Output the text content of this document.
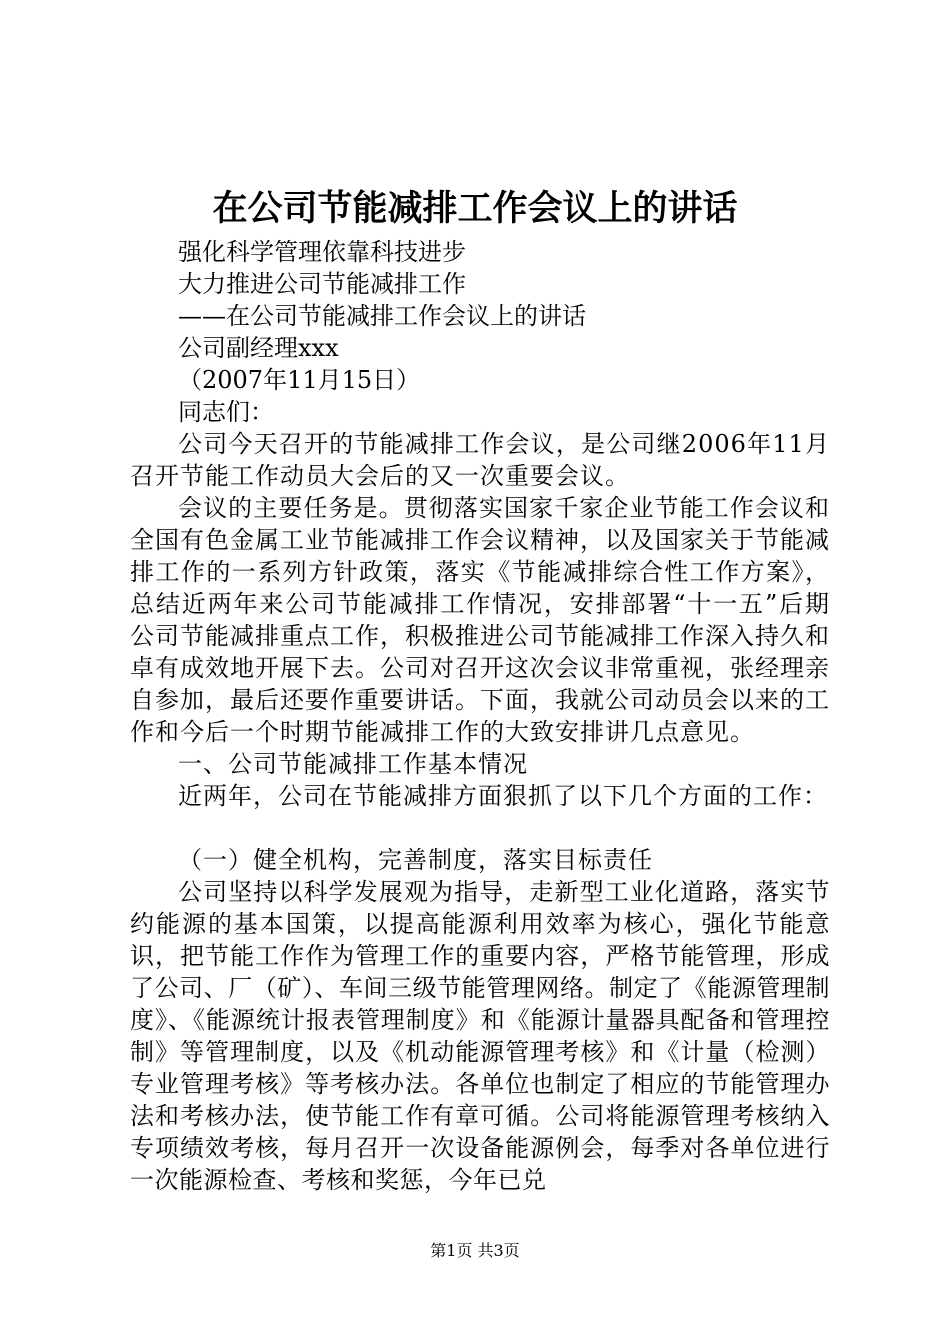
在公司节能减排工作会议上的讲话
强化科学管理依靠科技进步
大力推进公司节能减排工作
——在公司节能减排工作会议上的讲话
公司副经理xxx
（2007年11月15日）
同志们：

公司今天召开的节能减排工作会议，是公司继2006年11月召开节能工作动员大会后的又一次重要会议。

会议的主要任务是。贯彻落实国家千家企业节能工作会议和全国有色金属工业节能减排工作会议精神，以及国家关于节能减排工作的一系列方针政策，落实《节能减排综合性工作方案》，总结近两年来公司节能减排工作情况，安排部署“十一五”后期公司节能减排重点工作，积极推进公司节能减排工作深入持久和卓有成效地开展下去。公司对召开这次会议非常重视，张经理亲自参加，最后还要作重要讲话。下面，我就公司动员会以来的工作和今后一个时期节能减排工作的大致安排讲几点意见。

一、公司节能减排工作基本情况

近两年，公司在节能减排方面狠抓了以下几个方面的工作：

（一）健全机构，完善制度，落实目标责任

公司坚持以科学发展观为指导，走新型工业化道路，落实节约能源的基本国策，以提高能源利用效率为核心，强化节能意识，把节能工作作为管理工作的重要内容，严格节能管理，形成了公司、厂（矿）、车间三级节能管理网络。制定了《能源管理制度》、《能源统计报表管理制度》和《能源计量器具配备和管理控制》等管理制度，以及《机动能源管理考核》和《计量（检测）专业管理考核》等考核办法。各单位也制定了相应的节能管理办法和考核办法，使节能工作有章可循。公司将能源管理考核纳入专项绩效考核，每月召开一次设备能源例会，每季对各单位进行一次能源检查、考核和奖惩，今年已兑

第1页 共3页
